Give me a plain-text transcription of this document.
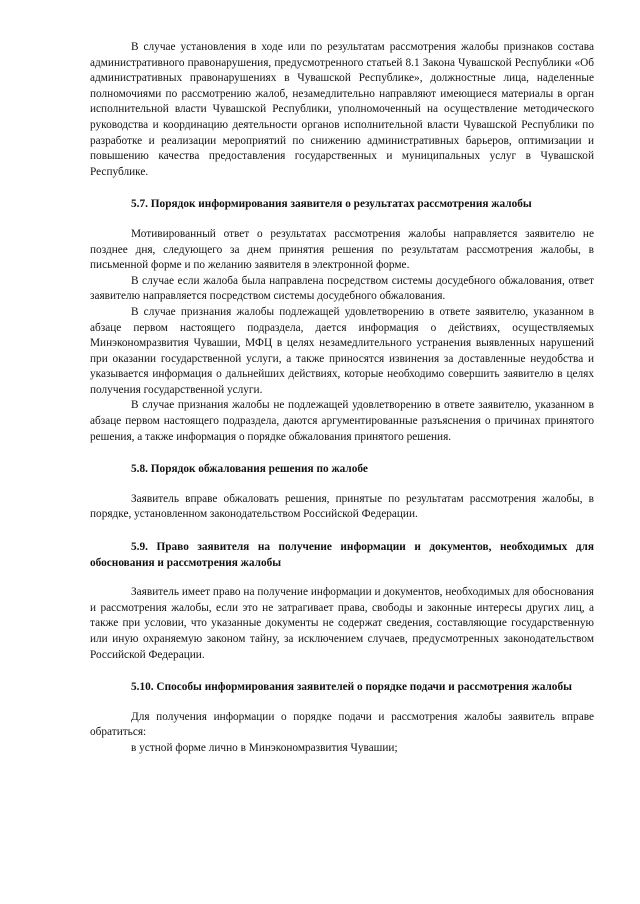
В случае установления в ходе или по результатам рассмотрения жалобы признаков состава административного правонарушения, предусмотренного статьей 8.1 Закона Чувашской Республики «Об административных правонарушениях в Чувашской Республике», должностные лица, наделенные полномочиями по рассмотрению жалоб, незамедлительно направляют имеющиеся материалы в орган исполнительной власти Чувашской Республики, уполномоченный на осуществление методического руководства и координацию деятельности органов исполнительной власти Чувашской Республики по разработке и реализации мероприятий по снижению административных барьеров, оптимизации и повышению качества предоставления государственных и муниципальных услуг в Чувашской Республике.

5.7. Порядок информирования заявителя о результатах рассмотрения жалобы

Мотивированный ответ о результатах рассмотрения жалобы направляется заявителю не позднее дня, следующего за днем принятия решения по результатам рассмотрения жалобы, в письменной форме и по желанию заявителя в электронной форме.

В случае если жалоба была направлена посредством системы досудебного обжалования, ответ заявителю направляется посредством системы досудебного обжалования.

В случае признания жалобы подлежащей удовлетворению в ответе заявителю, указанном в абзаце первом настоящего подраздела, дается информация о действиях, осуществляемых Минэкономразвития Чувашии, МФЦ в целях незамедлительного устранения выявленных нарушений при оказании государственной услуги, а также приносятся извинения за доставленные неудобства и указывается информация о дальнейших действиях, которые необходимо совершить заявителю в целях получения государственной услуги.

В случае признания жалобы не подлежащей удовлетворению в ответе заявителю, указанном в абзаце первом настоящего подраздела, даются аргументированные разъяснения о причинах принятого решения, а также информация о порядке обжалования принятого решения.

5.8. Порядок обжалования решения по жалобе

Заявитель вправе обжаловать решения, принятые по результатам рассмотрения жалобы, в порядке, установленном законодательством Российской Федерации.

5.9. Право заявителя на получение информации и документов, необходимых для обоснования и рассмотрения жалобы

Заявитель имеет право на получение информации и документов, необходимых для обоснования и рассмотрения жалобы, если это не затрагивает права, свободы и законные интересы других лиц, а также при условии, что указанные документы не содержат сведения, составляющие государственную или иную охраняемую законом тайну, за исключением случаев, предусмотренных законодательством Российской Федерации.

5.10. Способы информирования заявителей о порядке подачи и рассмотрения жалобы

Для получения информации о порядке подачи и рассмотрения жалобы заявитель вправе обратиться:

в устной форме лично в Минэкономразвития Чувашии;
